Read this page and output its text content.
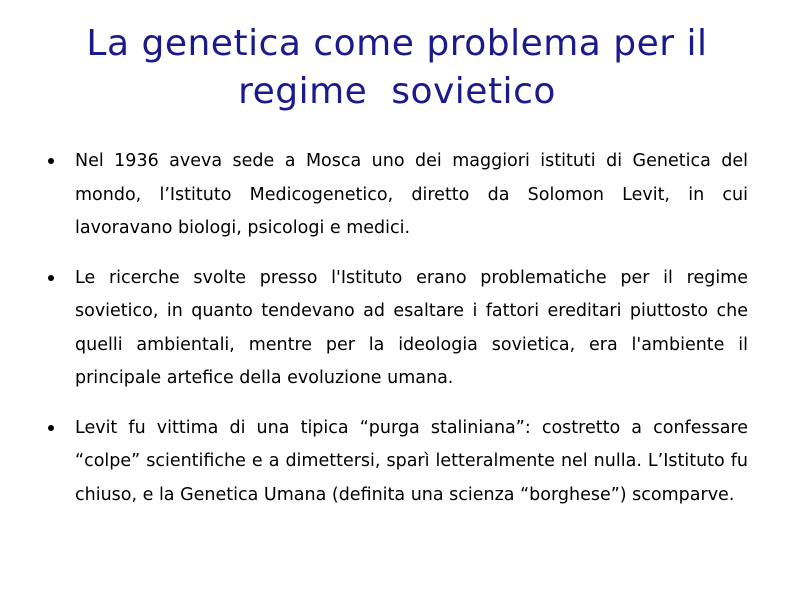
La genetica come problema per il
regime  sovietico
Nel 1936 aveva sede a Mosca uno dei maggiori istituti di Genetica del mondo, l’Istituto Medicogenetico, diretto da Solomon Levit, in cui lavoravano biologi, psicologi e medici.
Le ricerche svolte presso l'Istituto erano problematiche per il regime sovietico, in quanto tendevano ad esaltare i fattori ereditari piuttosto che quelli ambientali, mentre per la ideologia sovietica, era l'ambiente il principale artefice della evoluzione umana.
Levit fu vittima di una tipica “purga staliniana”: costretto a confessare “colpe” scientifiche e a dimettersi, sparì letteralmente nel nulla. L’Istituto fu chiuso, e la Genetica Umana (definita una scienza “borghese”) scomparve.
